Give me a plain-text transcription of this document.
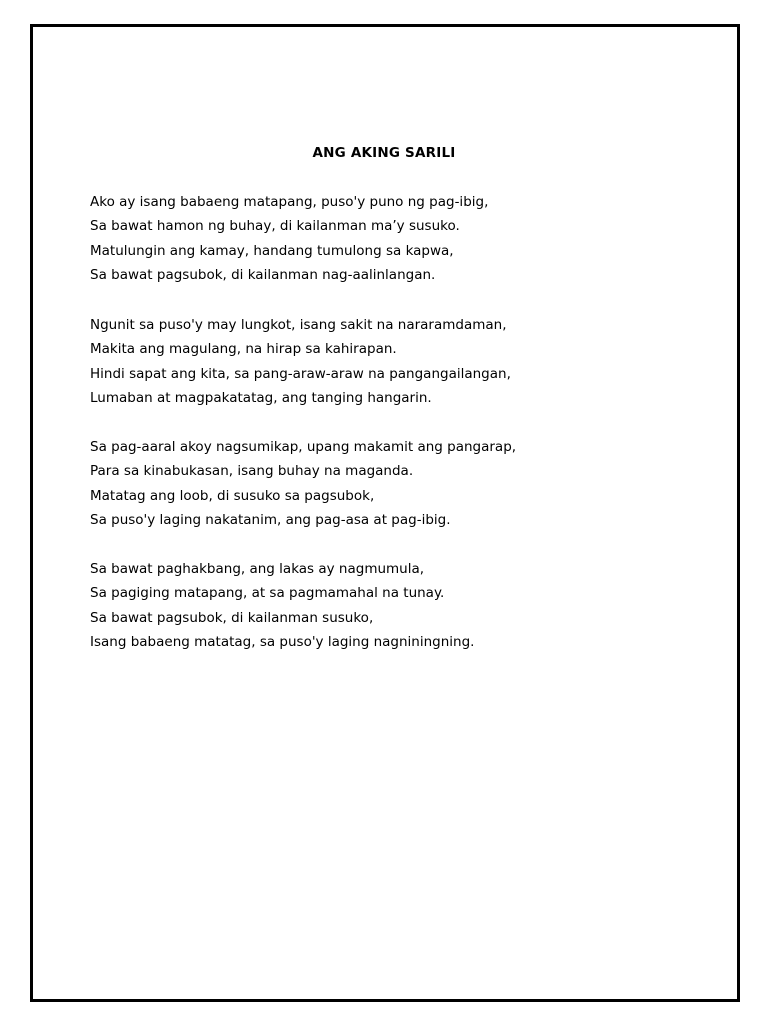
ANG AKING SARILI
Ako ay isang babaeng matapang, puso'y puno ng pag-ibig,
Sa bawat hamon ng buhay, di kailanman ma’y susuko.
Matulungin ang kamay, handang tumulong sa kapwa,
Sa bawat pagsubok, di kailanman nag-aalinlangan.
Ngunit sa puso'y may lungkot, isang sakit na nararamdaman,
Makita ang magulang, na hirap sa kahirapan.
Hindi sapat ang kita, sa pang-araw-araw na pangangailangan,
Lumaban at magpakatatag, ang tanging hangarin.
Sa pag-aaral akoy nagsumikap, upang makamit ang pangarap,
Para sa kinabukasan, isang buhay na maganda.
Matatag ang loob, di susuko sa pagsubok,
Sa puso'y laging nakatanim, ang pag-asa at pag-ibig.
Sa bawat paghakbang, ang lakas ay nagmumula,
Sa pagiging matapang, at sa pagmamahal na tunay.
Sa bawat pagsubok, di kailanman susuko,
Isang babaeng matatag, sa puso'y laging nagniningning.
